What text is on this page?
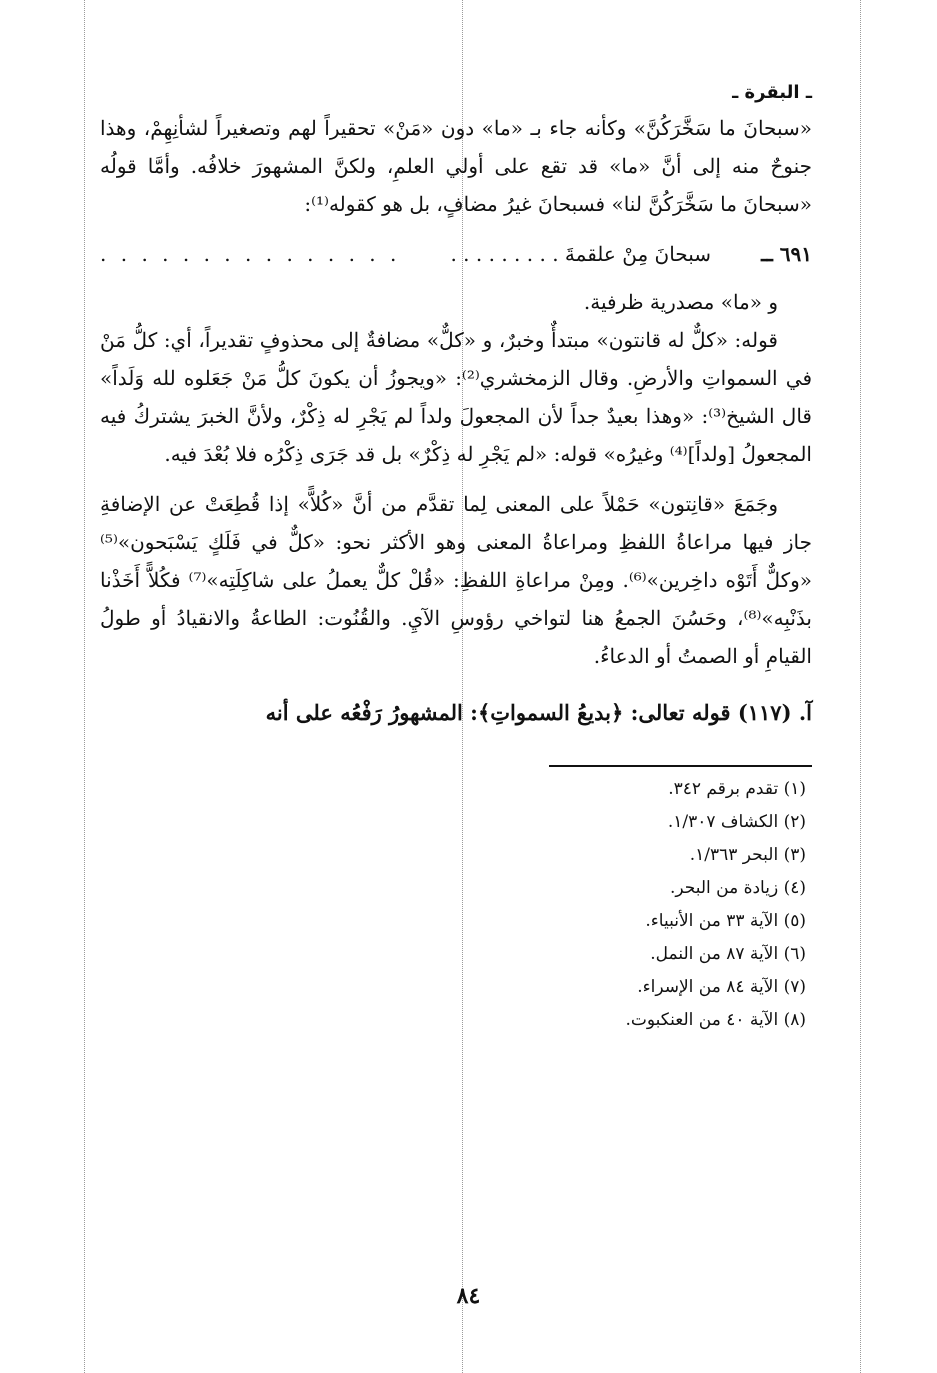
ـ البقرة ـ

«سبحانَ ما سَخَّرَكُنَّ» وكأنه جاء بـ «ما» دون «مَنْ» تحقيراً لهم وتصغيراً لشأنِهِمْ، وهذا جنوحٌ منه إلى أنَّ «ما» قد تقع على أولي العلمِ، ولكنَّ المشهورَ خلافُه. وأمَّا قولُه «سبحانَ ما سَخَّرَكُنَّ لنا» فسبحانَ غيرُ مضافٍ، بل هو كقوله⁽¹⁾:

٦٩١ ــ
سبحانَ مِنْ علقمةَ . . . . . . . . .
. . . . . . . . . . . . . . .

و «ما» مصدرية ظرفية.

قوله: «كلٌّ له قانتون» مبتدأٌ وخبرٌ، و «كلٌّ» مضافةٌ إلى محذوفٍ تقديراً، أي: كلُّ مَنْ في السمواتِ والأرضِ. وقال الزمخشري⁽²⁾: «ويجوزُ أن يكونَ كلُّ مَنْ جَعَلوه لله وَلَداً» قال الشيخ⁽³⁾: «وهذا بعيدٌ جداً لأن المجعولَ ولداً لم يَجْرِ له ذِكْرٌ، ولأنَّ الخبرَ يشتركُ فيه المجعولُ [ولداً]⁽⁴⁾ وغيرُه» قوله: «لم يَجْرِ له ذِكْرٌ» بل قد جَرَى ذِكْرُه فلا بُعْدَ فيه.

وجَمَعَ «قانِتون» حَمْلاً على المعنى لِما تقدَّم من أنَّ «كُلاًّ» إذا قُطِعَتْ عن الإضافةِ جاز فيها مراعاةُ اللفظِ ومراعاةُ المعنى وهو الأكثر نحو: «كلٌّ في فَلَكٍ يَسْبَحون»⁽⁵⁾ «وكلٌّ أَتَوْه داخِرين»⁽⁶⁾. ومِنْ مراعاةِ اللفظِ: «قُلْ كلٌّ يعملُ على شاكِلَتِه»⁽⁷⁾ فكُلاًّ أَخَذْنا بذَنْبِه»⁽⁸⁾، وحَسُنَ الجمعُ هنا لتواخي رؤوسِ الآيِ. والقُنُوت: الطاعةُ والانقيادُ أو طولُ القيامِ أو الصمتُ أو الدعاءُ.

آ. (١١٧) قوله تعالى: ﴿بديعُ السمواتِ﴾: المشهورُ رَفْعُه على أنه

(١) تقدم برقم ٣٤٢.
(٢) الكشاف ١/٣٠٧.
(٣) البحر ١/٣٦٣.
(٤) زيادة من البحر.
(٥) الآية ٣٣ من الأنبياء.
(٦) الآية ٨٧ من النمل.
(٧) الآية ٨٤ من الإسراء.
(٨) الآية ٤٠ من العنكبوت.
٨٤
